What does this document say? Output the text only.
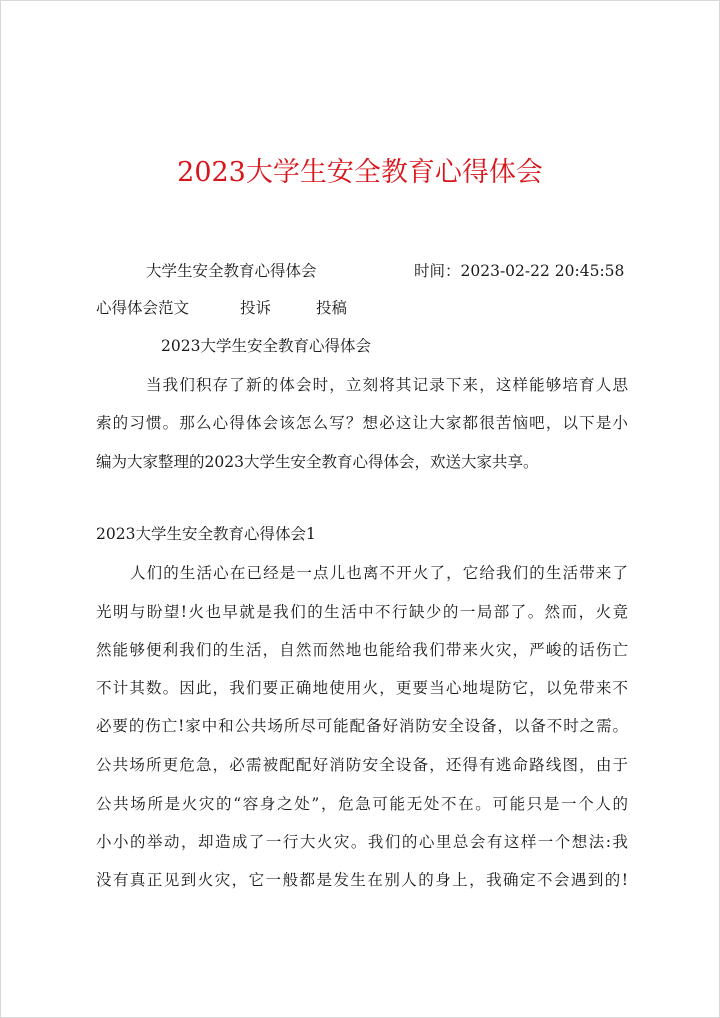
2023大学生安全教育心得体会
大学生安全教育心得体会	时间：2023-02-22 20:45:58
心得体会范文	投诉	投稿
2023大学生安全教育心得体会
当我们积存了新的体会时，立刻将其记录下来，这样能够培育人思
索的习惯。那么心得体会该怎么写？想必这让大家都很苦恼吧，以下是小
编为大家整理的2023大学生安全教育心得体会，欢送大家共享。
2023大学生安全教育心得体会1
人们的生活心在已经是一点儿也离不开火了，它给我们的生活带来了
光明与盼望!火也早就是我们的生活中不行缺少的一局部了。然而，火竟
然能够便利我们的生活，自然而然地也能给我们带来火灾，严峻的话伤亡
不计其数。因此，我们要正确地使用火，更要当心地堤防它，以免带来不
必要的伤亡!家中和公共场所尽可能配备好消防安全设备，以备不时之需。
公共场所更危急，必需被配配好消防安全设备，还得有逃命路线图，由于
公共场所是火灾的“容身之处”，危急可能无处不在。可能只是一个人的
小小的举动，却造成了一行大火灾。我们的心里总会有这样一个想法:我
没有真正见到火灾，它一般都是发生在别人的身上，我确定不会遇到的!
